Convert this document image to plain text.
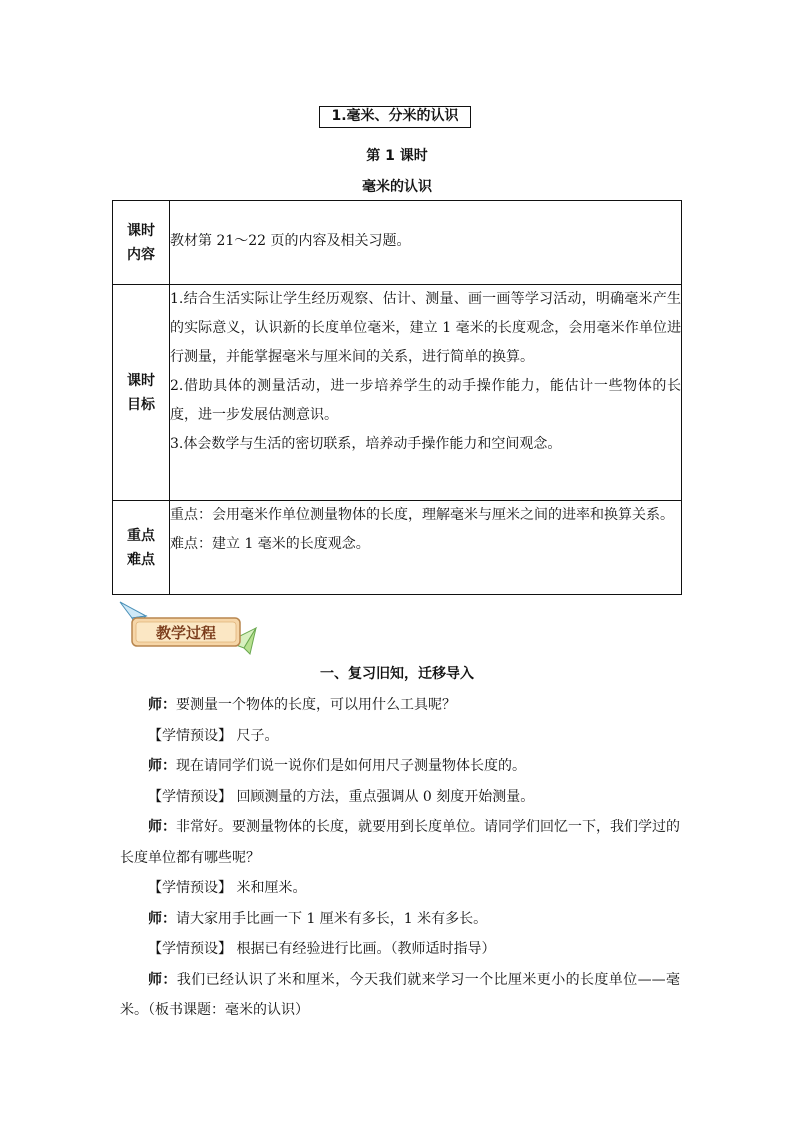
1.毫米、分米的认识
第 1 课时
毫米的认识
课时内容	教材第 21～22 页的内容及相关习题。

课时目标	1.结合生活实际让学生经历观察、估计、测量、画一画等学习活动，明确毫米产生的实际意义，认识新的长度单位毫米，建立 1 毫米的长度观念，会用毫米作单位进行测量，并能掌握毫米与厘米间的关系，进行简单的换算。

2.借助具体的测量活动，进一步培养学生的动手操作能力，能估计一些物体的长度，进一步发展估测意识。

3.体会数学与生活的密切联系，培养动手操作能力和空间观念。

重点难点	重点：会用毫米作单位测量物体的长度，理解毫米与厘米之间的进率和换算关系。

难点：建立 1 毫米的长度观念。

教学过程
一、复习旧知，迁移导入

师：要测量一个物体的长度，可以用什么工具呢？

【学情预设】 尺子。

师：现在请同学们说一说你们是如何用尺子测量物体长度的。

【学情预设】 回顾测量的方法，重点强调从 0 刻度开始测量。

师：非常好。要测量物体的长度，就要用到长度单位。请同学们回忆一下，我们学过的长度单位都有哪些呢？

【学情预设】 米和厘米。

师：请大家用手比画一下 1 厘米有多长，1 米有多长。

【学情预设】 根据已有经验进行比画。（教师适时指导）

师：我们已经认识了米和厘米，今天我们就来学习一个比厘米更小的长度单位——毫米。（板书课题：毫米的认识）
